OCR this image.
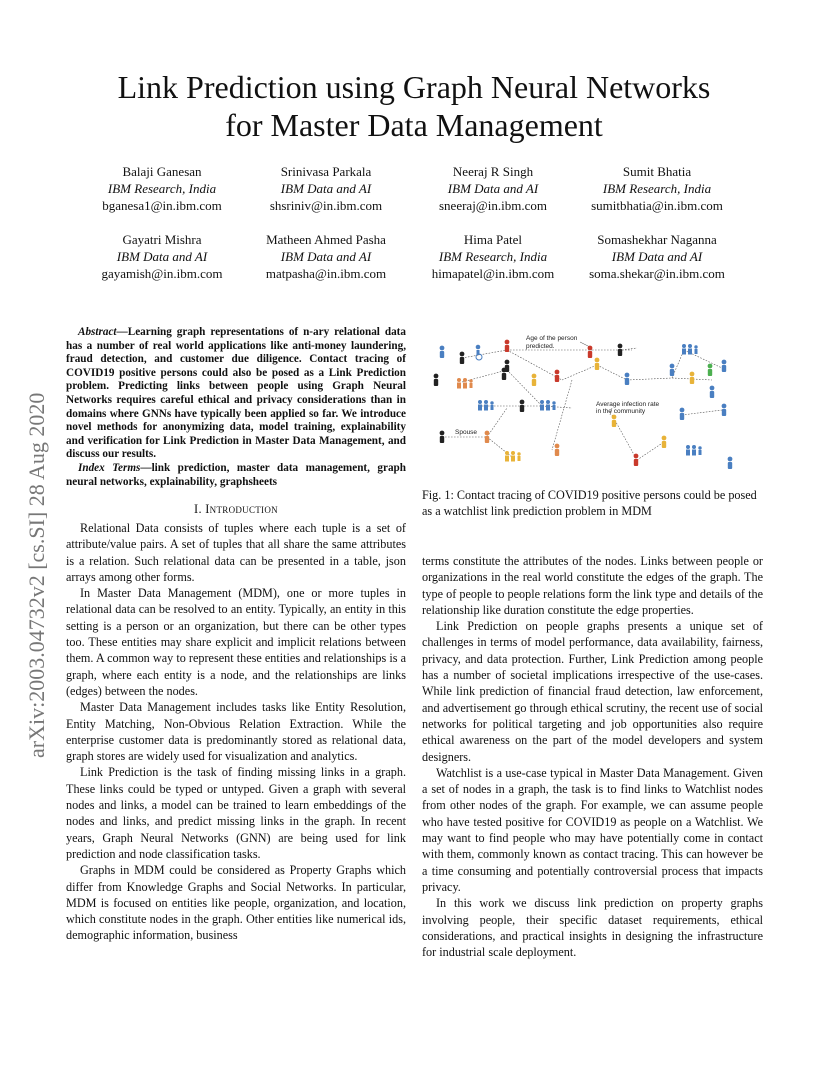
arXiv:2003.04732v2 [cs.SI] 28 Aug 2020
Link Prediction using Graph Neural Networks
for Master Data Management
Balaji Ganesan
IBM Research, India
bganesa1@in.ibm.com
Srinivasa Parkala
IBM Data and AI
shsriniv@in.ibm.com
Neeraj R Singh
IBM Data and AI
sneeraj@in.ibm.com
Sumit Bhatia
IBM Research, India
sumitbhatia@in.ibm.com
Gayatri Mishra
IBM Data and AI
gayamish@in.ibm.com
Matheen Ahmed Pasha
IBM Data and AI
matpasha@in.ibm.com
Hima Patel
IBM Research, India
himapatel@in.ibm.com
Somashekhar Naganna
IBM Data and AI
soma.shekar@in.ibm.com

Abstract—Learning graph representations of n-ary relational data has a number of real world applications like anti-money laundering, fraud detection, and customer due diligence. Contact tracing of COVID19 positive persons could also be posed as a Link Prediction problem. Predicting links between people using Graph Neural Networks requires careful ethical and privacy considerations than in domains where GNNs have typically been applied so far. We introduce novel methods for anonymizing data, model training, explainability and verification for Link Prediction in Master Data Management, and discuss our results.

Index Terms—link prediction, master data management, graph neural networks, explainability, graphsheets

I. Introduction

Relational Data consists of tuples where each tuple is a set of attribute/value pairs. A set of tuples that all share the same attributes is a relation. Such relational data can be presented in a table, json arrays among other forms.

In Master Data Management (MDM), one or more tuples in relational data can be resolved to an entity. Typically, an entity in this setting is a person or an organization, but there can be other types too. These entities may share explicit and implicit relations between them. A common way to represent these entities and relationships is a graph, where each entity is a node, and the relationships are links (edges) between the nodes.

Master Data Management includes tasks like Entity Resolution, Entity Matching, Non-Obvious Relation Extraction. While the enterprise customer data is predominantly stored as relational data, graph stores are widely used for visualization and analytics.

Link Prediction is the task of finding missing links in a graph. These links could be typed or untyped. Given a graph with several nodes and links, a model can be trained to learn embeddings of the nodes and links, and predict missing links in the graph. In recent years, Graph Neural Networks (GNN) are being used for link prediction and node classification tasks.

Graphs in MDM could be considered as Property Graphs which differ from Knowledge Graphs and Social Networks. In particular, MDM is focused on entities like people, organization, and location, which constitute nodes in the graph. Other entities like numerical ids, demographic information, business

Age of the person
predicted.
Average infection rate
in the community
Spouse
Fig. 1: Contact tracing of COVID19 positive persons could be posed as a watchlist link prediction problem in MDM

terms constitute the attributes of the nodes. Links between people or organizations in the real world constitute the edges of the graph. The type of people to people relations form the link type and details of the relationship like duration constitute the edge properties.

Link Prediction on people graphs presents a unique set of challenges in terms of model performance, data availability, fairness, privacy, and data protection. Further, Link Prediction among people has a number of societal implications irrespective of the use-cases. While link prediction of financial fraud detection, law enforcement, and advertisement go through ethical scrutiny, the recent use of social networks for political targeting and job opportunities also require ethical awareness on the part of the model developers and system designers.

Watchlist is a use-case typical in Master Data Management. Given a set of nodes in a graph, the task is to find links to Watchlist nodes from other nodes of the graph. For example, we can assume people who have tested positive for COVID19 as people on a Watchlist. We may want to find people who may have potentially come in contact with them, commonly known as contact tracing. This can however be a time consuming and potentially controversial process that impacts privacy.

In this work we discuss link prediction on property graphs involving people, their specific dataset requirements, ethical considerations, and practical insights in designing the infrastructure for industrial scale deployment.
